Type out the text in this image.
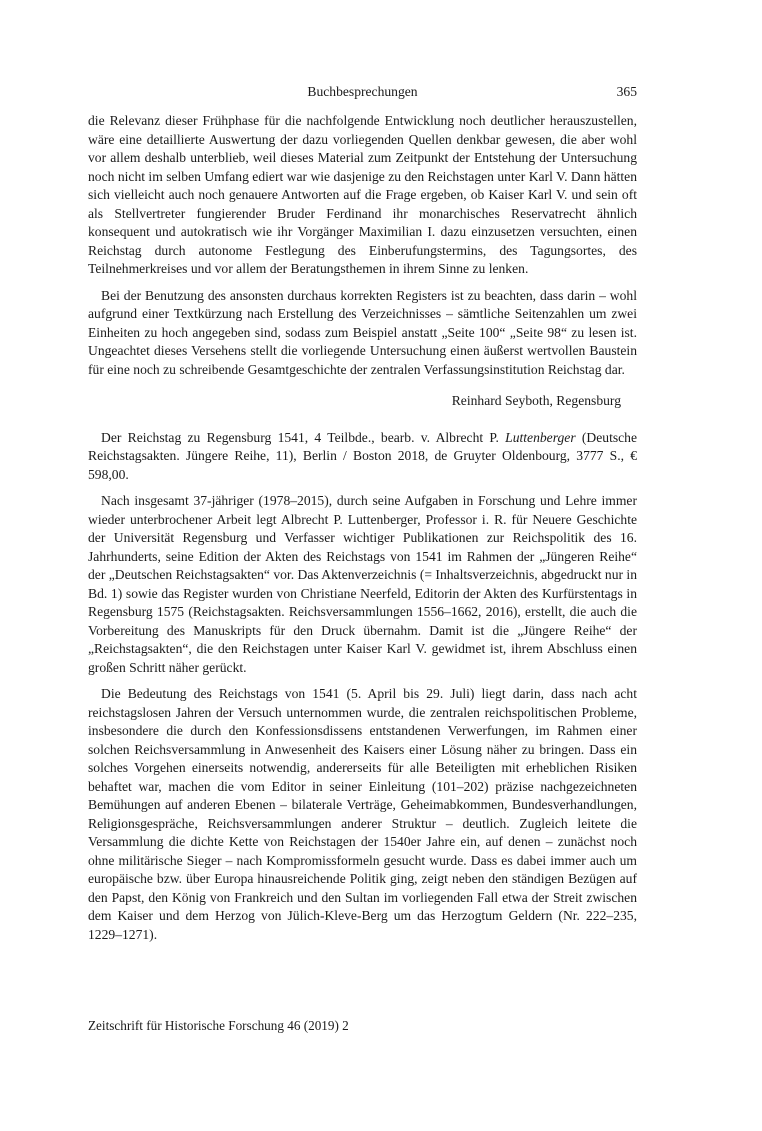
Buchbesprechungen	365

die Relevanz dieser Frühphase für die nachfolgende Entwicklung noch deutlicher herauszustellen, wäre eine detaillierte Auswertung der dazu vorliegenden Quellen denkbar gewesen, die aber wohl vor allem deshalb unterblieb, weil dieses Material zum Zeitpunkt der Entstehung der Untersuchung noch nicht im selben Umfang ediert war wie dasjenige zu den Reichstagen unter Karl V. Dann hätten sich vielleicht auch noch genauere Antworten auf die Frage ergeben, ob Kaiser Karl V. und sein oft als Stellvertreter fungierender Bruder Ferdinand ihr monarchisches Reservatrecht ähnlich konsequent und autokratisch wie ihr Vorgänger Maximilian I. dazu einzusetzen versuchten, einen Reichstag durch autonome Festlegung des Einberufungstermins, des Tagungsortes, des Teilnehmerkreises und vor allem der Beratungsthemen in ihrem Sinne zu lenken.

Bei der Benutzung des ansonsten durchaus korrekten Registers ist zu beachten, dass darin – wohl aufgrund einer Textkürzung nach Erstellung des Verzeichnisses – sämtliche Seitenzahlen um zwei Einheiten zu hoch angegeben sind, sodass zum Beispiel anstatt „Seite 100“ „Seite 98“ zu lesen ist. Ungeachtet dieses Versehens stellt die vorliegende Untersuchung einen äußerst wertvollen Baustein für eine noch zu schreibende Gesamtgeschichte der zentralen Verfassungsinstitution Reichstag dar.

Reinhard Seyboth, Regensburg

Der Reichstag zu Regensburg 1541, 4 Teilbde., bearb. v. Albrecht P. Luttenberger (Deutsche Reichstagsakten. Jüngere Reihe, 11), Berlin / Boston 2018, de Gruyter Oldenbourg, 3777 S., € 598,00.

Nach insgesamt 37-jähriger (1978–2015), durch seine Aufgaben in Forschung und Lehre immer wieder unterbrochener Arbeit legt Albrecht P. Luttenberger, Professor i. R. für Neuere Geschichte der Universität Regensburg und Verfasser wichtiger Publikationen zur Reichspolitik des 16. Jahrhunderts, seine Edition der Akten des Reichstags von 1541 im Rahmen der „Jüngeren Reihe“ der „Deutschen Reichstagsakten“ vor. Das Aktenverzeichnis (= Inhaltsverzeichnis, abgedruckt nur in Bd. 1) sowie das Register wurden von Christiane Neerfeld, Editorin der Akten des Kurfürstentags in Regensburg 1575 (Reichstagsakten. Reichsversammlungen 1556–1662, 2016), erstellt, die auch die Vorbereitung des Manuskripts für den Druck übernahm. Damit ist die „Jüngere Reihe“ der „Reichstagsakten“, die den Reichstagen unter Kaiser Karl V. gewidmet ist, ihrem Abschluss einen großen Schritt näher gerückt.

Die Bedeutung des Reichstags von 1541 (5. April bis 29. Juli) liegt darin, dass nach acht reichstagslosen Jahren der Versuch unternommen wurde, die zentralen reichspolitischen Probleme, insbesondere die durch den Konfessionsdissens entstandenen Verwerfungen, im Rahmen einer solchen Reichsversammlung in Anwesenheit des Kaisers einer Lösung näher zu bringen. Dass ein solches Vorgehen einerseits notwendig, andererseits für alle Beteiligten mit erheblichen Risiken behaftet war, machen die vom Editor in seiner Einleitung (101–202) präzise nachgezeichneten Bemühungen auf anderen Ebenen – bilaterale Verträge, Geheimabkommen, Bundesverhandlungen, Religionsgespräche, Reichsversammlungen anderer Struktur – deutlich. Zugleich leitete die Versammlung die dichte Kette von Reichstagen der 1540er Jahre ein, auf denen – zunächst noch ohne militärische Sieger – nach Kompromissformeln gesucht wurde. Dass es dabei immer auch um europäische bzw. über Europa hinausreichende Politik ging, zeigt neben den ständigen Bezügen auf den Papst, den König von Frankreich und den Sultan im vorliegenden Fall etwa der Streit zwischen dem Kaiser und dem Herzog von Jülich-Kleve-Berg um das Herzogtum Geldern (Nr. 222–235, 1229–1271).

Zeitschrift für Historische Forschung 46 (2019) 2
